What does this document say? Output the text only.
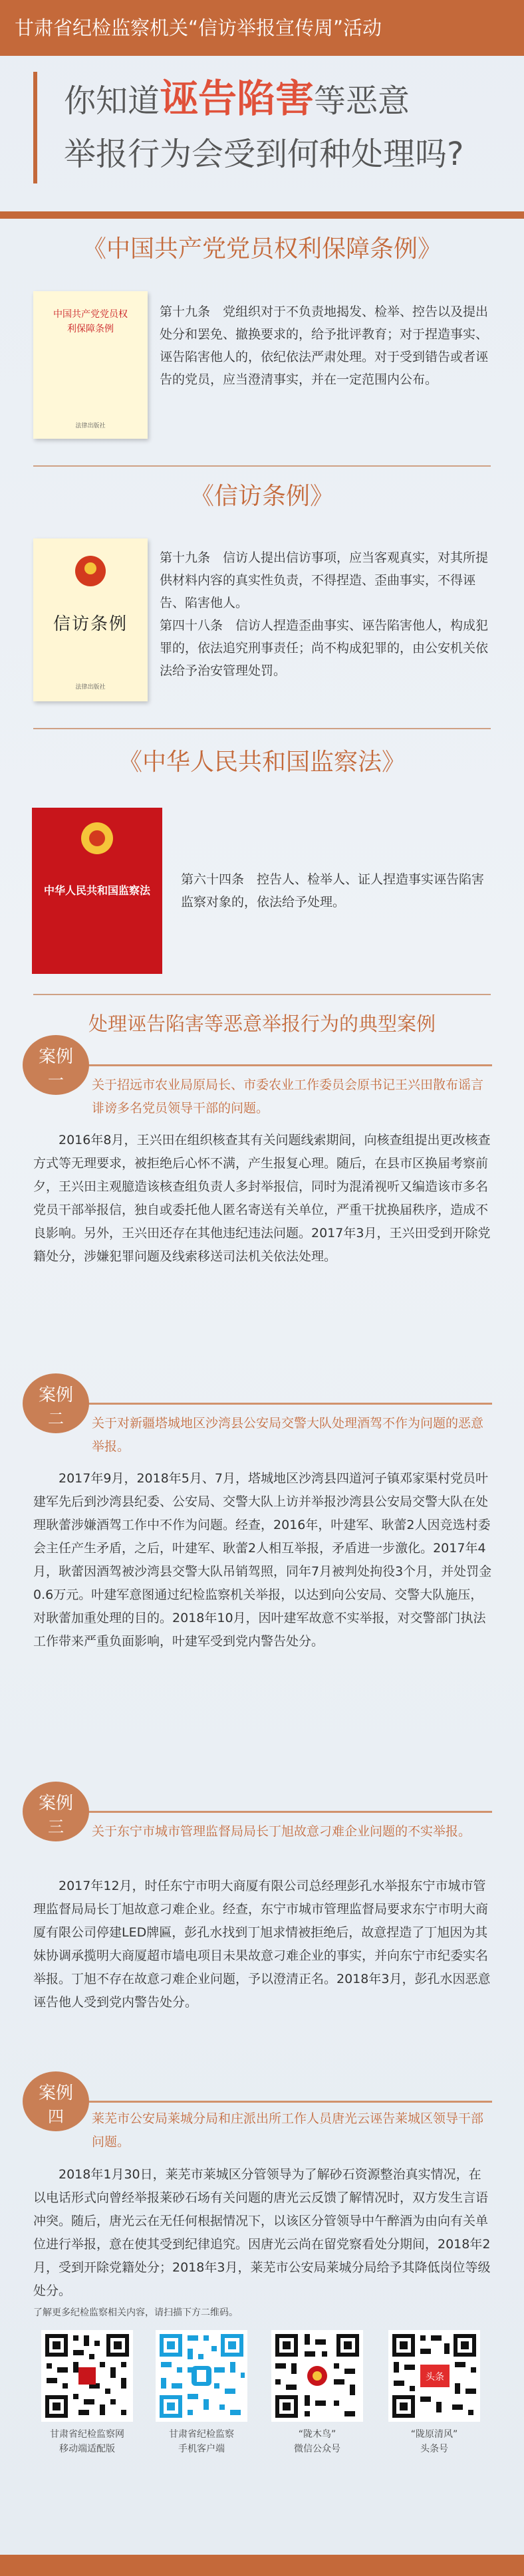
甘肃省纪检监察机关“信访举报宣传周”活动
你知道诬告陷害等恶意
举报行为会受到何种处理吗?
《中国共产党党员权利保障条例》
中国共产党党员权利保障条例
法律出版社

第十九条　党组织对于不负责地揭发、检举、控告以及提出处分和罢免、撤换要求的，给予批评教育；对于捏造事实、诬告陷害他人的，依纪依法严肃处理。对于受到错告或者诬告的党员，应当澄清事实，并在一定范围内公布。

《信访条例》
信访条例
法律出版社

第十九条　信访人提出信访事项，应当客观真实，对其所提供材料内容的真实性负责，不得捏造、歪曲事实，不得诬告、陷害他人。

第四十八条　信访人捏造歪曲事实、诬告陷害他人，构成犯罪的，依法追究刑事责任；尚不构成犯罪的，由公安机关依法给予治安管理处罚。

《中华人民共和国监察法》
中华人民共和国监察法

第六十四条　控告人、检举人、证人捏造事实诬告陷害监察对象的，依法给予处理。

处理诬告陷害等恶意举报行为的典型案例
案例
一	关于招远市农业局原局长、市委农业工作委员会原书记王兴田散布谣言诽谤多名党员领导干部的问题。
2016年8月，王兴田在组织核查其有关问题线索期间，向核查组提出更改核查方式等无理要求，被拒绝后心怀不满，产生报复心理。随后，在县市区换届考察前夕，王兴田主观臆造该核查组负责人多封举报信，同时为混淆视听又编造该市多名党员干部举报信，独自或委托他人匿名寄送有关单位，严重干扰换届秩序，造成不良影响。另外，王兴田还存在其他违纪违法问题。2017年3月，王兴田受到开除党籍处分，涉嫌犯罪问题及线索移送司法机关依法处理。
案例
二	关于对新疆塔城地区沙湾县公安局交警大队处理酒驾不作为问题的恶意举报。
2017年9月，2018年5月、7月，塔城地区沙湾县四道河子镇邓家渠村党员叶建军先后到沙湾县纪委、公安局、交警大队上访并举报沙湾县公安局交警大队在处理耿蕾涉嫌酒驾工作中不作为问题。经查，2016年，叶建军、耿蕾2人因竞选村委会主任产生矛盾，之后，叶建军、耿蕾2人相互举报，矛盾进一步激化。2017年4月，耿蕾因酒驾被沙湾县交警大队吊销驾照，同年7月被判处拘役3个月，并处罚金0.6万元。叶建军意图通过纪检监察机关举报，以达到向公安局、交警大队施压，对耿蕾加重处理的目的。2018年10月，因叶建军故意不实举报，对交警部门执法工作带来严重负面影响，叶建军受到党内警告处分。
案例
三	关于东宁市城市管理监督局局长丁旭故意刁难企业问题的不实举报。
2017年12月，时任东宁市明大商厦有限公司总经理彭孔水举报东宁市城市管理监督局局长丁旭故意刁难企业。经查，东宁市城市管理监督局要求东宁市明大商厦有限公司停建LED牌匾，彭孔水找到丁旭求情被拒绝后，故意捏造了丁旭因为其妹协调承揽明大商厦超市墙电项目未果故意刁难企业的事实，并向东宁市纪委实名举报。丁旭不存在故意刁难企业问题，予以澄清正名。2018年3月，彭孔水因恶意诬告他人受到党内警告处分。
案例
四	莱芜市公安局莱城分局和庄派出所工作人员唐光云诬告莱城区领导干部问题。
2018年1月30日，莱芜市莱城区分管领导为了解砂石资源整治真实情况，在以电话形式向曾经举报莱砂石场有关问题的唐光云反馈了解情况时，双方发生言语冲突。随后，唐光云在无任何根据情况下，以该区分管领导中午醉酒为由向有关单位进行举报，意在使其受到纪律追究。因唐光云尚在留党察看处分期间，2018年2月，受到开除党籍处分；2018年3月，莱芜市公安局莱城分局给予其降低岗位等级处分。
了解更多纪检监察相关内容，请扫描下方二维码。
甘肃省纪检监察网
移动端适配版
甘肃省纪检监察
手机客户端
“陇木鸟”
微信公众号
头条
“陇原清风”
头条号
